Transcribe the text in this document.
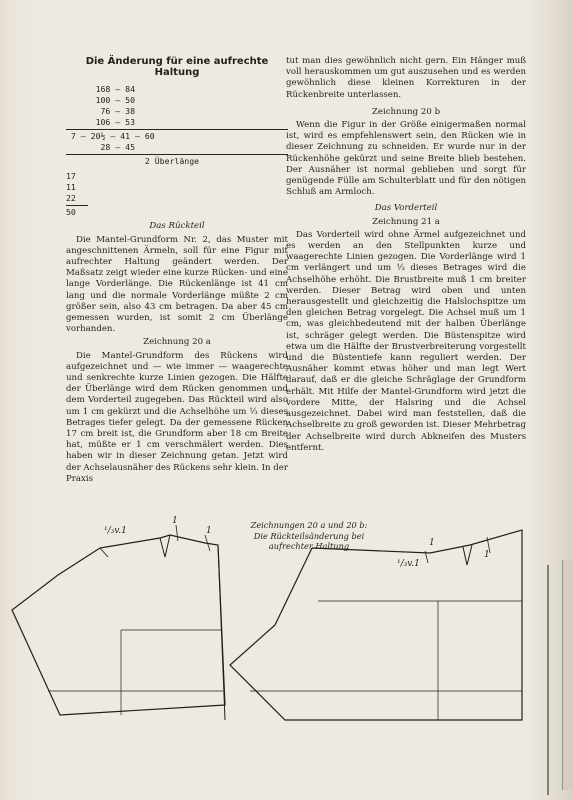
Die Änderung für eine aufrechte Haltung
168 — 84
100 — 50
76 — 38
106 — 53
7 — 20½ — 41 — 60
28 — 45
2 Überlänge
17
11
22
50
Das Rückteil

Die Mantel-Grundform Nr. 2, das Muster mit angeschnittenen Ärmeln, soll für eine Figur mit aufrechter Haltung geändert werden. Der Maßsatz zeigt wieder eine kurze Rücken- und eine lange Vorderlänge. Die Rückenlänge ist 41 cm lang und die normale Vorderlänge müßte 2 cm größer sein, also 43 cm betragen. Da aber 45 cm gemessen wurden, ist somit 2 cm Überlänge vorhanden.

Zeichnung 20 a

Die Mantel-Grundform des Rückens wird aufgezeichnet und — wie immer — waagerechte und senkrechte kurze Linien gezogen. Die Hälfte der Überlänge wird dem Rücken genommen und dem Vorderteil zugegeben. Das Rückteil wird also um 1 cm gekürzt und die Achselhöhe um ⅓ dieses Betrages tiefer gelegt. Da der gemessene Rücken 17 cm breit ist, die Grundform aber 18 cm Breite hat, müßte er 1 cm verschmälert werden. Dies haben wir in dieser Zeichnung getan. Jetzt wird der Achselausnäher des Rückens sehr klein. In der Praxis

tut man dies gewöhnlich nicht gern. Ein Hänger muß voll herauskommen um gut auszusehen und es werden gewöhnlich diese kleinen Korrekturen in der Rückenbreite unterlassen.

Zeichnung 20 b

Wenn die Figur in der Größe einigermaßen normal ist, wird es empfehlenswert sein, den Rücken wie in dieser Zeichnung zu schneiden. Er wurde nur in der Rückenhöhe gekürzt und seine Breite blieb bestehen. Der Ausnäher ist normal geblieben und sorgt für genügende Fülle am Schulterblatt und für den nötigen Schluß am Armloch.

Das Vorderteil
Zeichnung 21 a

Das Vorderteil wird ohne Ärmel aufgezeichnet und es werden an den Stellpunkten kurze und waagerechte Linien gezogen. Die Vorderlänge wird 1 cm verlängert und um ⅓ dieses Betrages wird die Achselhöhe erhöht. Die Brustbreite muß 1 cm breiter werden. Dieser Betrag wird oben und unten herausgestellt und gleichzeitig die Halslochspitze um den gleichen Betrag vorgelegt. Die Achsel muß um 1 cm, was gleichbedeutend mit der halben Überlänge ist, schräger gelegt werden. Die Büstenspitze wird etwa um die Hälfte der Brustverbreiterung vorgestellt und die Büstentiefe kann reguliert werden. Der Ausnäher kommt etwas höher und man legt Wert darauf, daß er die gleiche Schräglage der Grundform erhält. Mit Hilfe der Mantel-Grundform wird jetzt die vordere Mitte, der Halsring und die Achsel ausgezeichnet. Dabei wird man feststellen, daß die Achselbreite zu groß geworden ist. Dieser Mehrbetrag der Achselbreite wird durch Abkneifen des Musters entfernt.

Zeichnungen 20 a und 20 b: Die Rückteilsänderung bei aufrechter Haltung
¹/₃v.1
¹/₃v.1
1
1
1
1
